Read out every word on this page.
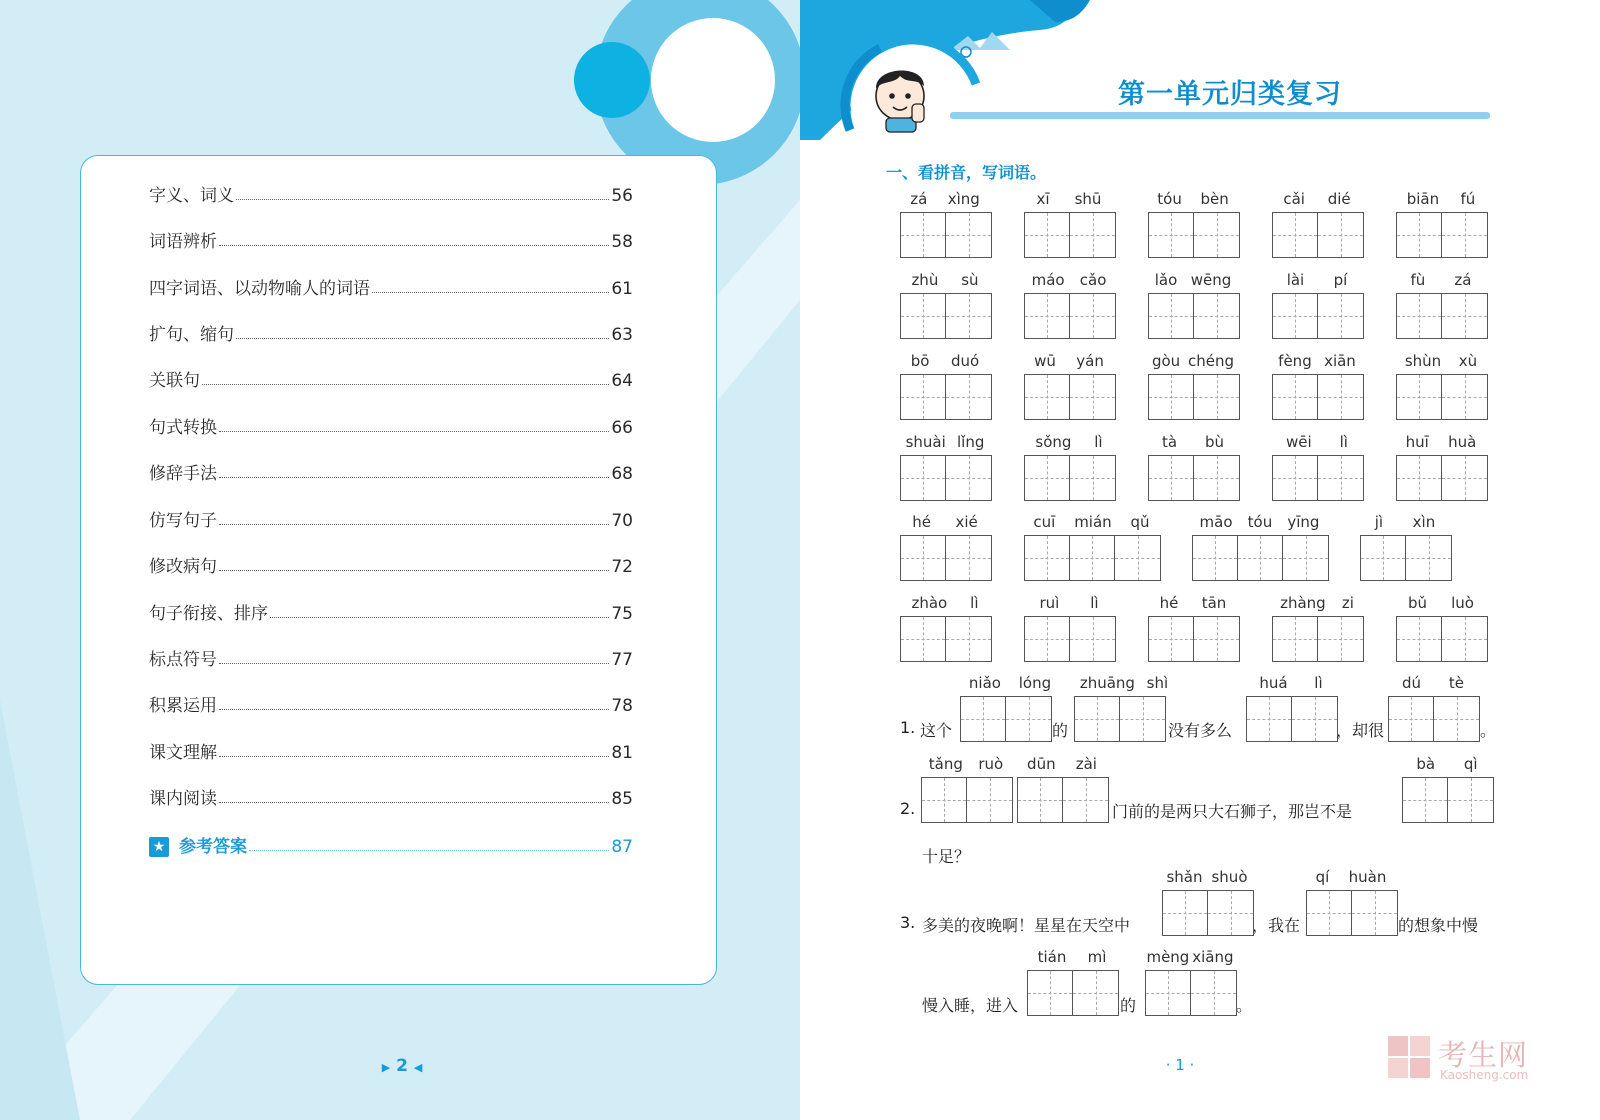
字义、词义	56
词语辨析	58
四字词语、以动物喻人的词语	61
扩句、缩句	63
关联句	64
句式转换	66
修辞手法	68
仿写句子	70
修改病句	72
句子衔接、排序	75
标点符号	77
积累运用	78
课文理解	81
课内阅读	85
★ 参考答案	87
▶ 2 ◀
第一单元归类复习
一、看拼音，写词语。
zá xìng	xī shū	tóu bèn	cǎi dié	biān fú
zhù sù	máo cǎo	lǎo wēng	lài pí	fù zá
bō duó	wū yán	gòu chéng	fèng xiān	shùn xù
shuài lǐng	sǒng lì	tà bù	wēi lì	huī huà
hé xié	cuī mián qǔ	māo tóu yīng	jì xìn
zhào lì	ruì lì	hé tān	zhàng zi	bǔ luò
1. 这个	的	没有多么	，却很	。
2.	门前的是两只大石狮子，那岂不是
十足？
3. 多美的夜晚啊！星星在天空中	，我在	的想象中慢
慢入睡，进入	的	。
niǎo lóng zhuāng shì	huá lì	dú tè
tǎng ruò dūn zài	bà qì
shǎn shuò	qí huàn
tián mì	mèng xiāng
· 1 ·	考生网
Kaosheng.com
